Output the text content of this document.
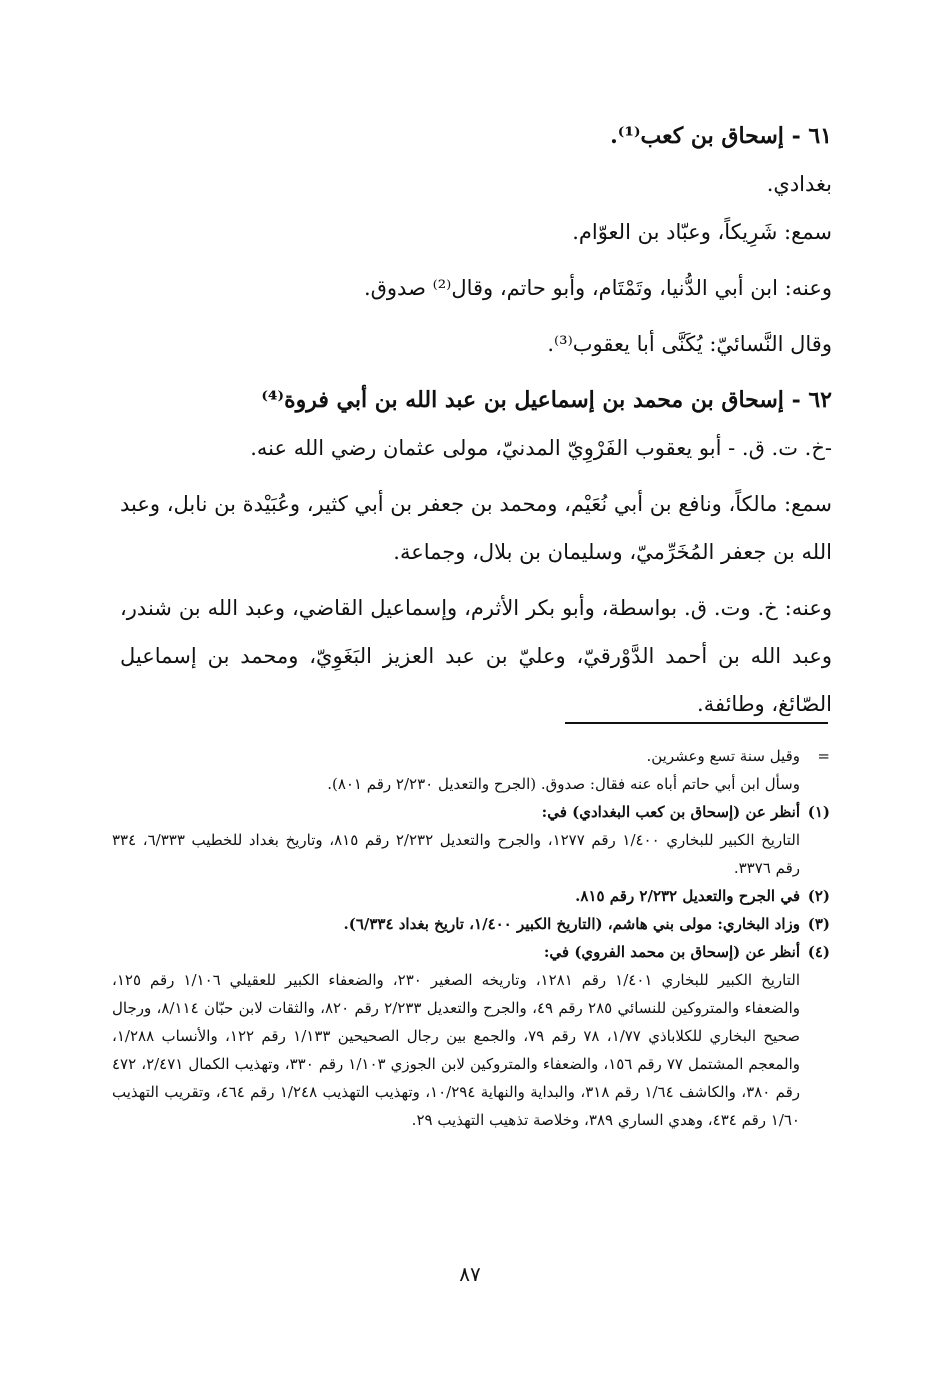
٦١ - إسحاق بن كعب⁽¹⁾.

بغدادي.

سمع: شَرِيكاً، وعبّاد بن العوّام.

وعنه: ابن أبي الدُّنيا، وتَمْتَام، وأبو حاتم، وقال⁽²⁾ صدوق.

وقال النَّسائيّ: يُكَنَّى أبا يعقوب⁽³⁾.

٦٢ - إسحاق بن محمد بن إسماعيل بن عبد الله بن أبي فروة⁽⁴⁾

-خ. ت. ق. - أبو يعقوب الفَرْوِيّ المدنيّ، مولى عثمان رضي الله عنه.

سمع: مالكاً، ونافع بن أبي نُعَيْم، ومحمد بن جعفر بن أبي كثير، وعُبَيْدة بن نابل، وعبد الله بن جعفر المُخَرِّميّ، وسليمان بن بلال، وجماعة.

وعنه: خ. وت. ق. بواسطة، وأبو بكر الأثرم، وإسماعيل القاضي، وعبد الله بن شندر، وعبد الله بن أحمد الدَّوْرقيّ، وعليّ بن عبد العزيز البَغَوِيّ، ومحمد بن إسماعيل الصّائغ، وطائفة.

=
وقيل سنة تسع وعشرين.
وسأل ابن أبي حاتم أباه عنه فقال: صدوق. (الجرح والتعديل ٢/٢٣٠ رقم ٨٠١).
(١)
أنظر عن (إسحاق بن كعب البغدادي) في:
التاريخ الكبير للبخاري ١/٤٠٠ رقم ١٢٧٧، والجرح والتعديل ٢/٢٣٢ رقم ٨١٥، وتاريخ بغداد للخطيب ٦/٣٣٣، ٣٣٤ رقم ٣٣٧٦.
(٢)
في الجرح والتعديل ٢/٢٣٢ رقم ٨١٥.
(٣)
وزاد البخاري: مولى بني هاشم، (التاريخ الكبير ١/٤٠٠، تاريخ بغداد ٦/٣٣٤).
(٤)
أنظر عن (إسحاق بن محمد الفروي) في:
التاريخ الكبير للبخاري ١/٤٠١ رقم ١٢٨١، وتاريخه الصغير ٢٣٠، والضعفاء الكبير للعقيلي ١/١٠٦ رقم ١٢٥، والضعفاء والمتروكين للنسائي ٢٨٥ رقم ٤٩، والجرح والتعديل ٢/٢٣٣ رقم ٨٢٠، والثقات لابن حبّان ٨/١١٤، ورجال صحيح البخاري للكلاباذي ١/٧٧، ٧٨ رقم ٧٩، والجمع بين رجال الصحيحين ١/١٣٣ رقم ١٢٢، والأنساب ١/٢٨٨، والمعجم المشتمل ٧٧ رقم ١٥٦، والضعفاء والمتروكين لابن الجوزي ١/١٠٣ رقم ٣٣٠، وتهذيب الكمال ٢/٤٧١، ٤٧٢ رقم ٣٨٠، والكاشف ١/٦٤ رقم ٣١٨، والبداية والنهاية ١٠/٢٩٤، وتهذيب التهذيب ١/٢٤٨ رقم ٤٦٤، وتقريب التهذيب ١/٦٠ رقم ٤٣٤، وهدي الساري ٣٨٩، وخلاصة تذهيب التهذيب ٢٩.
٨٧
